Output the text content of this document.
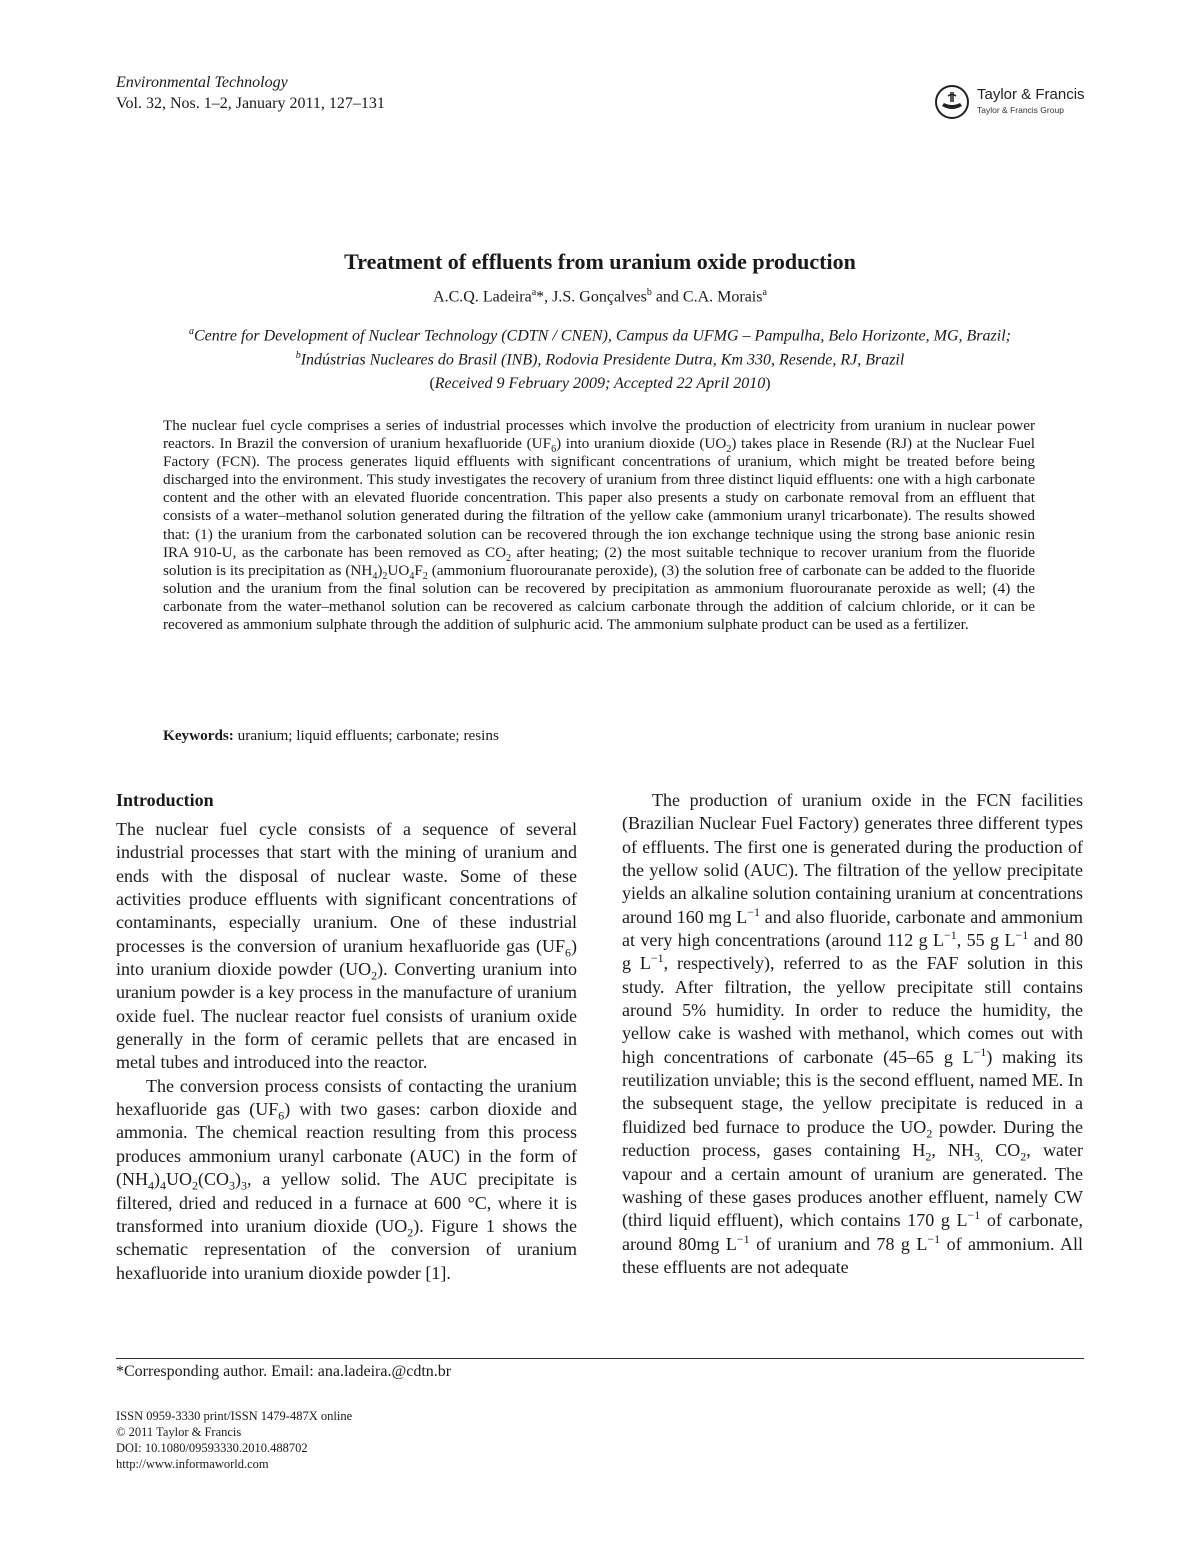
Environmental Technology
Vol. 32, Nos. 1–2, January 2011, 127–131
Taylor & Francis
Taylor & Francis Group
Treatment of effluents from uranium oxide production
A.C.Q. Ladeira$^a$*, J.S. Gonçalves$^b$ and C.A. Morais$^a$
$^a$Centre for Development of Nuclear Technology (CDTN / CNEN), Campus da UFMG – Pampulha, Belo Horizonte, MG, Brazil;
$^b$Indústrias Nucleares do Brasil (INB), Rodovia Presidente Dutra, Km 330, Resende, RJ, Brazil
(Received 9 February 2009; Accepted 22 April 2010)
The nuclear fuel cycle comprises a series of industrial processes which involve the production of electricity from uranium in nuclear power reactors. In Brazil the conversion of uranium hexafluoride $(UF_6)$ into uranium dioxide $(UO_2)$ takes place in Resende (RJ) at the Nuclear Fuel Factory (FCN). The process generates liquid effluents with significant concentrations of uranium, which might be treated before being discharged into the environment. This study investigates the recovery of uranium from three distinct liquid effluents: one with a high carbonate content and the other with an elevated fluoride concentration. This paper also presents a study on carbonate removal from an effluent that consists of a water–methanol solution generated during the filtration of the yellow cake (ammonium uranyl tricarbonate). The results showed that: (1) the uranium from the carbonated solution can be recovered through the ion exchange technique using the strong base anionic resin IRA 910-U, as the carbonate has been removed as $CO_2$ after heating; (2) the most suitable technique to recover uranium from the fluoride solution is its precipitation as $(NH_4)_2UO_4F_2$ (ammonium fluorouranate peroxide), (3) the solution free of carbonate can be added to the fluoride solution and the uranium from the final solution can be recovered by precipitation as ammonium fluorouranate peroxide as well; (4) the carbonate from the water–methanol solution can be recovered as calcium carbonate through the addition of calcium chloride, or it can be recovered as ammonium sulphate through the addition of sulphuric acid. The ammonium sulphate product can be used as a fertilizer.
Keywords: uranium; liquid effluents; carbonate; resins
Introduction

The nuclear fuel cycle consists of a sequence of several industrial processes that start with the mining of uranium and ends with the disposal of nuclear waste. Some of these activities produce effluents with significant concentrations of contaminants, especially uranium. One of these industrial processes is the conversion of uranium hexafluoride gas $(UF_6)$ into uranium dioxide powder $(UO_2)$. Converting uranium into uranium powder is a key process in the manufacture of uranium oxide fuel. The nuclear reactor fuel consists of uranium oxide generally in the form of ceramic pellets that are encased in metal tubes and introduced into the reactor.

The conversion process consists of contacting the uranium hexafluoride gas $(UF_6)$ with two gases: carbon dioxide and ammonia. The chemical reaction resulting from this process produces ammonium uranyl carbonate (AUC) in the form of $(NH_4)_4UO_2(CO_3)_3$, a yellow solid. The AUC precipitate is filtered, dried and reduced in a furnace at 600 °C, where it is transformed into uranium dioxide $(UO_2)$. Figure 1 shows the schematic representation of the conversion of uranium hexafluoride into uranium dioxide powder [1].

The production of uranium oxide in the FCN facilities (Brazilian Nuclear Fuel Factory) generates three different types of effluents. The first one is generated during the production of the yellow solid (AUC). The filtration of the yellow precipitate yields an alkaline solution containing uranium at concentrations around 160 mg $L^{-1}$ and also fluoride, carbonate and ammonium at very high concentrations (around 112 g $L^{-1}$, 55 g $L^{-1}$ and 80 g $L^{-1}$, respectively), referred to as the FAF solution in this study. After filtration, the yellow precipitate still contains around 5% humidity. In order to reduce the humidity, the yellow cake is washed with methanol, which comes out with high concentrations of carbonate (45–65 g $L^{-1}$) making its reutilization unviable; this is the second effluent, named ME. In the subsequent stage, the yellow precipitate is reduced in a fluidized bed furnace to produce the $UO_2$ powder. During the reduction process, gases containing $H_2$, $NH_{3,}$ $CO_2$, water vapour and a certain amount of uranium are generated. The washing of these gases produces another effluent, namely CW (third liquid effluent), which contains 170 g $L^{-1}$ of carbonate, around 80mg $L^{-1}$ of uranium and 78 g $L^{-1}$ of ammonium. All these effluents are not adequate

*Corresponding author. Email: ana.ladeira.@cdtn.br
ISSN 0959-3330 print/ISSN 1479-487X online
© 2011 Taylor & Francis
DOI: 10.1080/09593330.2010.488702
http://www.informaworld.com
